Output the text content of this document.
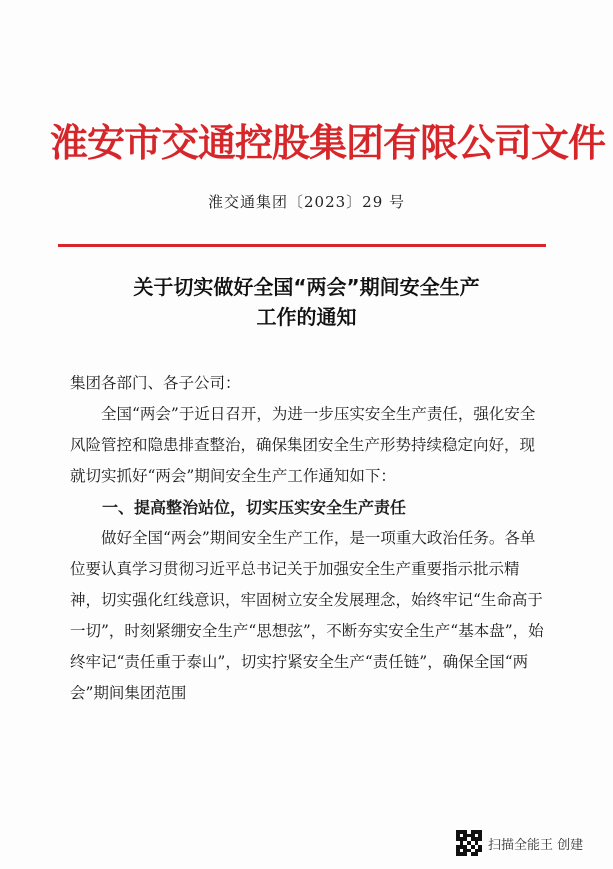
淮安市交通控股集团有限公司文件
淮交通集团〔2023〕29 号
关于切实做好全国“两会”期间安全生产
工作的通知

集团各部门、各子公司：

全国“两会”于近日召开，为进一步压实安全生产责任，强化安全风险管控和隐患排查整治，确保集团安全生产形势持续稳定向好，现就切实抓好“两会”期间安全生产工作通知如下：

一、提高整治站位，切实压实安全生产责任

做好全国“两会”期间安全生产工作，是一项重大政治任务。各单位要认真学习贯彻习近平总书记关于加强安全生产重要指示批示精神，切实强化红线意识，牢固树立安全发展理念，始终牢记“生命高于一切”，时刻紧绷安全生产“思想弦”，不断夯实安全生产“基本盘”，始终牢记“责任重于泰山”，切实拧紧安全生产“责任链”，确保全国“两会”期间集团范围

扫描全能王 创建
